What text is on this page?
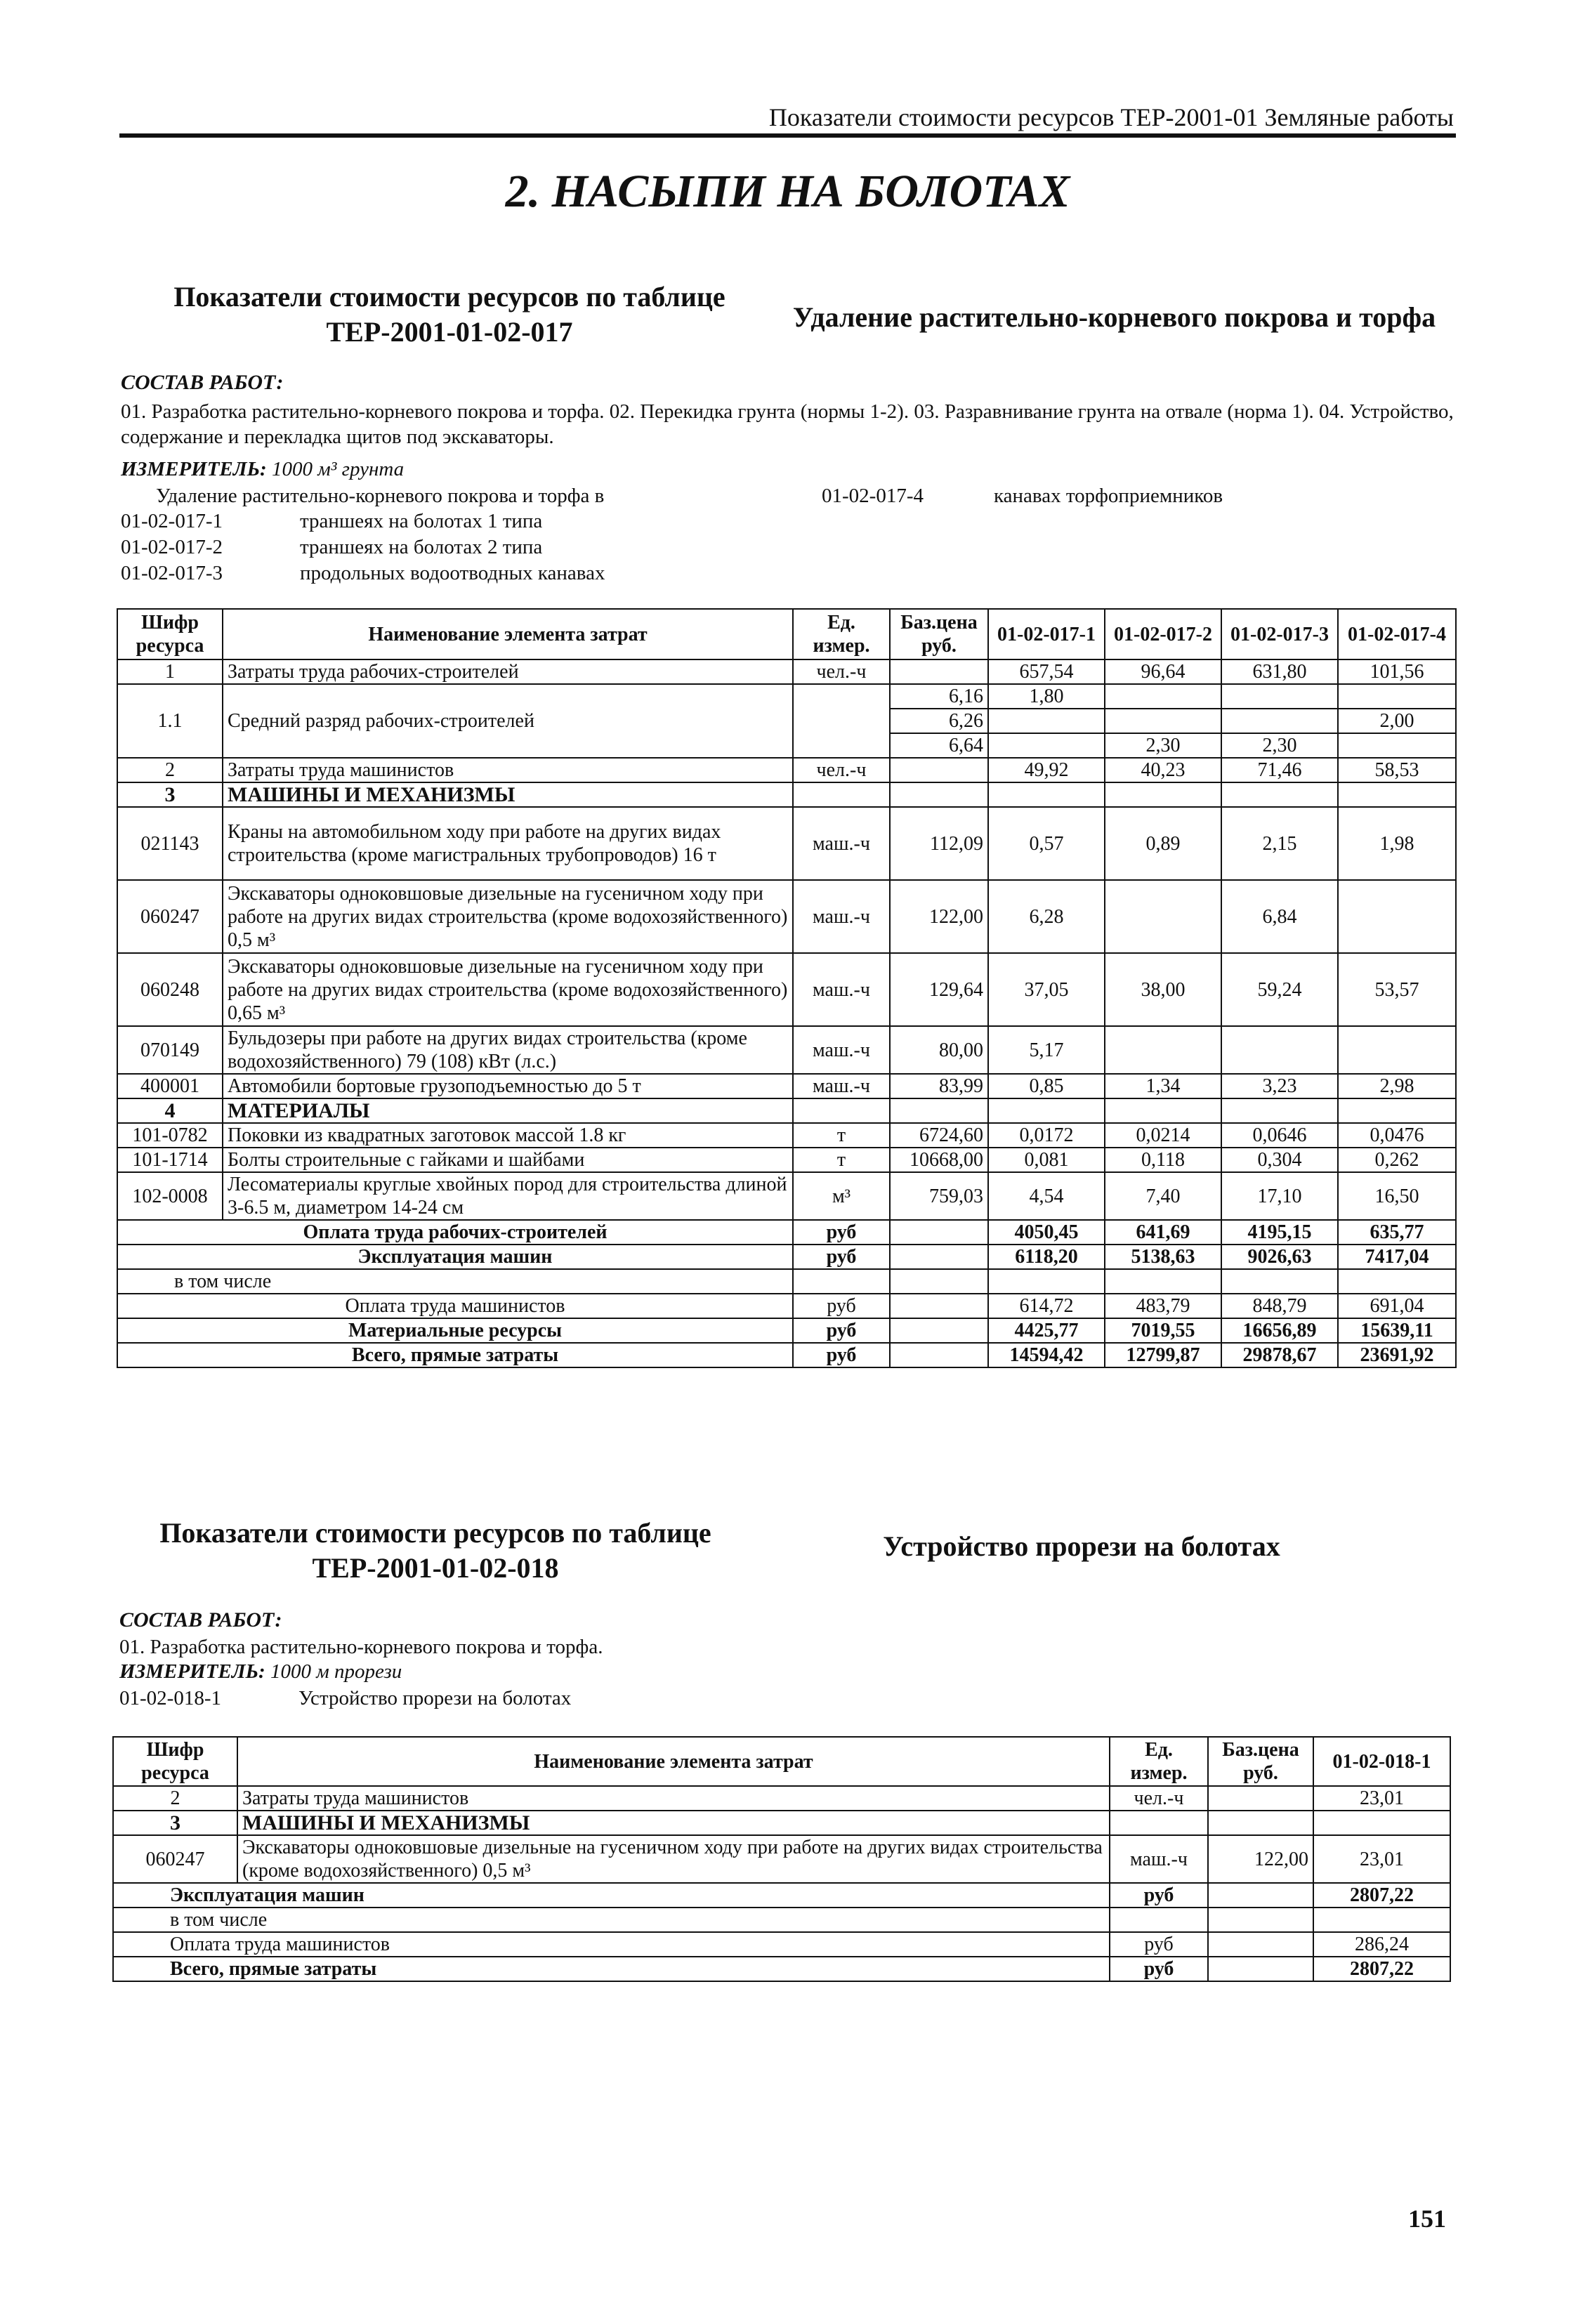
Показатели стоимости ресурсов ТЕР-2001-01 Земляные работы
2. НАСЫПИ НА БОЛОТАХ
Показатели стоимости ресурсов по таблице
ТЕР-2001-01-02-017	Удаление растительно-корневого покрова и торфа
СОСТАВ РАБОТ:
01. Разработка растительно-корневого покрова и торфа. 02. Перекидка грунта (нормы 1-2). 03. Разравнивание грунта на отвале (норма 1). 04. Устройство, содержание и перекладка щитов под экскаваторы.
ИЗМЕРИТЕЛЬ: 1000 м³ грунта
Удаление растительно-корневого покрова и торфа в	01-02-017-4	канавах торфоприемников
01-02-017-1	траншеях на болотах 1 типа
01-02-017-2	траншеях на болотах 2 типа
01-02-017-3	продольных водоотводных канавах
Шифр ресурса	Наименование элемента затрат	Ед. измер.	Баз.цена руб.	01-02-017-1	01-02-017-2	01-02-017-3	01-02-017-4
1	Затраты труда рабочих-строителей	чел.-ч		657,54	96,64	631,80	101,56
1.1	Средний разряд рабочих-строителей		6,16	1,80			
			6,26				2,00
			6,64		2,30	2,30	
2	Затраты труда машинистов	чел.-ч		49,92	40,23	71,46	58,53
3	МАШИНЫ И МЕХАНИЗМЫ						
021143	Краны на автомобильном ходу при работе на других видах строительства (кроме магистральных трубопроводов) 16 т	маш.-ч	112,09	0,57	0,89	2,15	1,98
060247	Экскаваторы одноковшовые дизельные на гусеничном ходу при работе на других видах строительства (кроме водохозяйственного) 0,5 м³	маш.-ч	122,00	6,28		6,84	
060248	Экскаваторы одноковшовые дизельные на гусеничном ходу при работе на других видах строительства (кроме водохозяйственного) 0,65 м³	маш.-ч	129,64	37,05	38,00	59,24	53,57
070149	Бульдозеры при работе на других видах строительства (кроме водохозяйственного) 79 (108) кВт (л.с.)	маш.-ч	80,00	5,17			
400001	Автомобили бортовые грузоподъемностью до 5 т	маш.-ч	83,99	0,85	1,34	3,23	2,98
4	МАТЕРИАЛЫ						
101-0782	Поковки из квадратных заготовок массой 1.8 кг	т	6724,60	0,0172	0,0214	0,0646	0,0476
101-1714	Болты строительные с гайками и шайбами	т	10668,00	0,081	0,118	0,304	0,262
102-0008	Лесоматериалы круглые хвойных пород для строительства длиной 3-6.5 м, диаметром 14-24 см	м³	759,03	4,54	7,40	17,10	16,50
Оплата труда рабочих-строителей		руб		4050,45	641,69	4195,15	635,77
Эксплуатация машин		руб		6118,20	5138,63	9026,63	7417,04
в том числе							
Оплата труда машинистов		руб		614,72	483,79	848,79	691,04
Материальные ресурсы		руб		4425,77	7019,55	16656,89	15639,11
Всего, прямые затраты		руб		14594,42	12799,87	29878,67	23691,92
Показатели стоимости ресурсов по таблице
ТЕР-2001-01-02-018
Устройство прорези на болотах
СОСТАВ РАБОТ:
01. Разработка растительно-корневого покрова и торфа.
ИЗМЕРИТЕЛЬ: 1000 м прорези
01-02-018-1	Устройство прорези на болотах
Шифр ресурса	Наименование элемента затрат	Ед. измер.	Баз.цена руб.	01-02-018-1
2	Затраты труда машинистов	чел.-ч		23,01
3	МАШИНЫ И МЕХАНИЗМЫ			
060247	Экскаваторы одноковшовые дизельные на гусеничном ходу при работе на других видах строительства (кроме водохозяйственного) 0,5 м³	маш.-ч	122,00	23,01
Эксплуатация машин		руб		2807,22
в том числе				
Оплата труда машинистов		руб		286,24
Всего, прямые затраты		руб		2807,22
151
